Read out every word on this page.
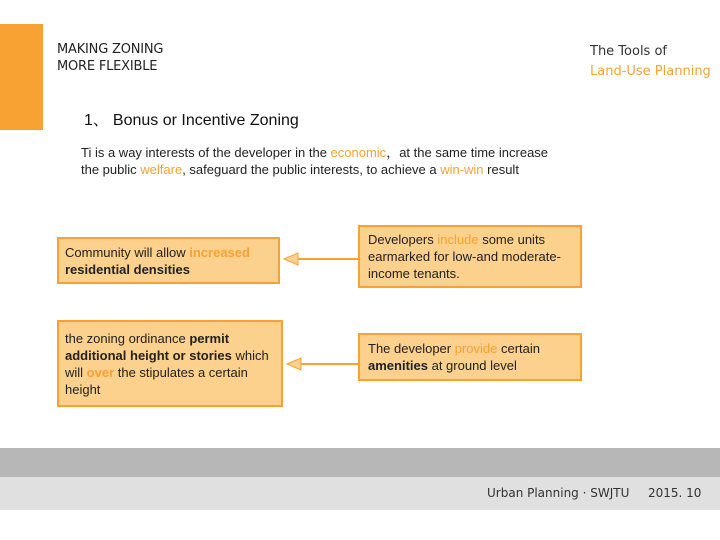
MAKING ZONING
MORE FLEXIBLE
The Tools of
Land-Use Planning
1、 Bonus or Incentive Zoning
Ti is a way interests of the developer in the economic，at the same time increase the public welfare, safeguard the public interests, to achieve a win-win result
Community will allow increased
residential densities
Developers include some units earmarked for low-and moderate-income tenants.
the zoning ordinance permit additional height or stories which will over the stipulates a certain height
The developer provide certain amenities at ground level
Urban Planning · SWJTU 2015. 10
